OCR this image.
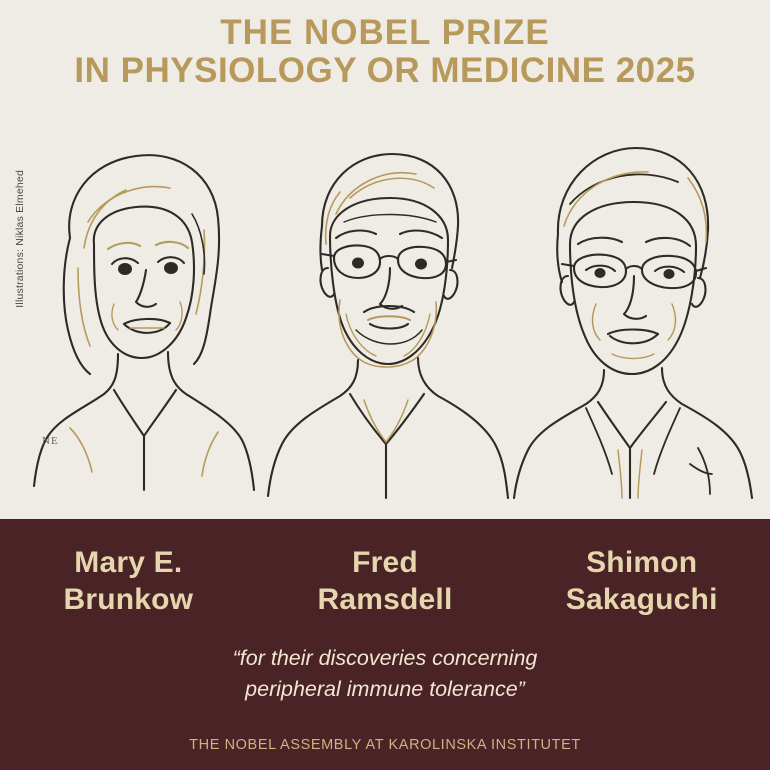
THE NOBEL PRIZE
IN PHYSIOLOGY OR MEDICINE 2025
Illustrations: Niklas Elmehed
NE
Mary E.
Brunkow
Fred
Ramsdell
Shimon
Sakaguchi
“for their discoveries concerning
peripheral immune tolerance”
THE NOBEL ASSEMBLY AT KAROLINSKA INSTITUTET
